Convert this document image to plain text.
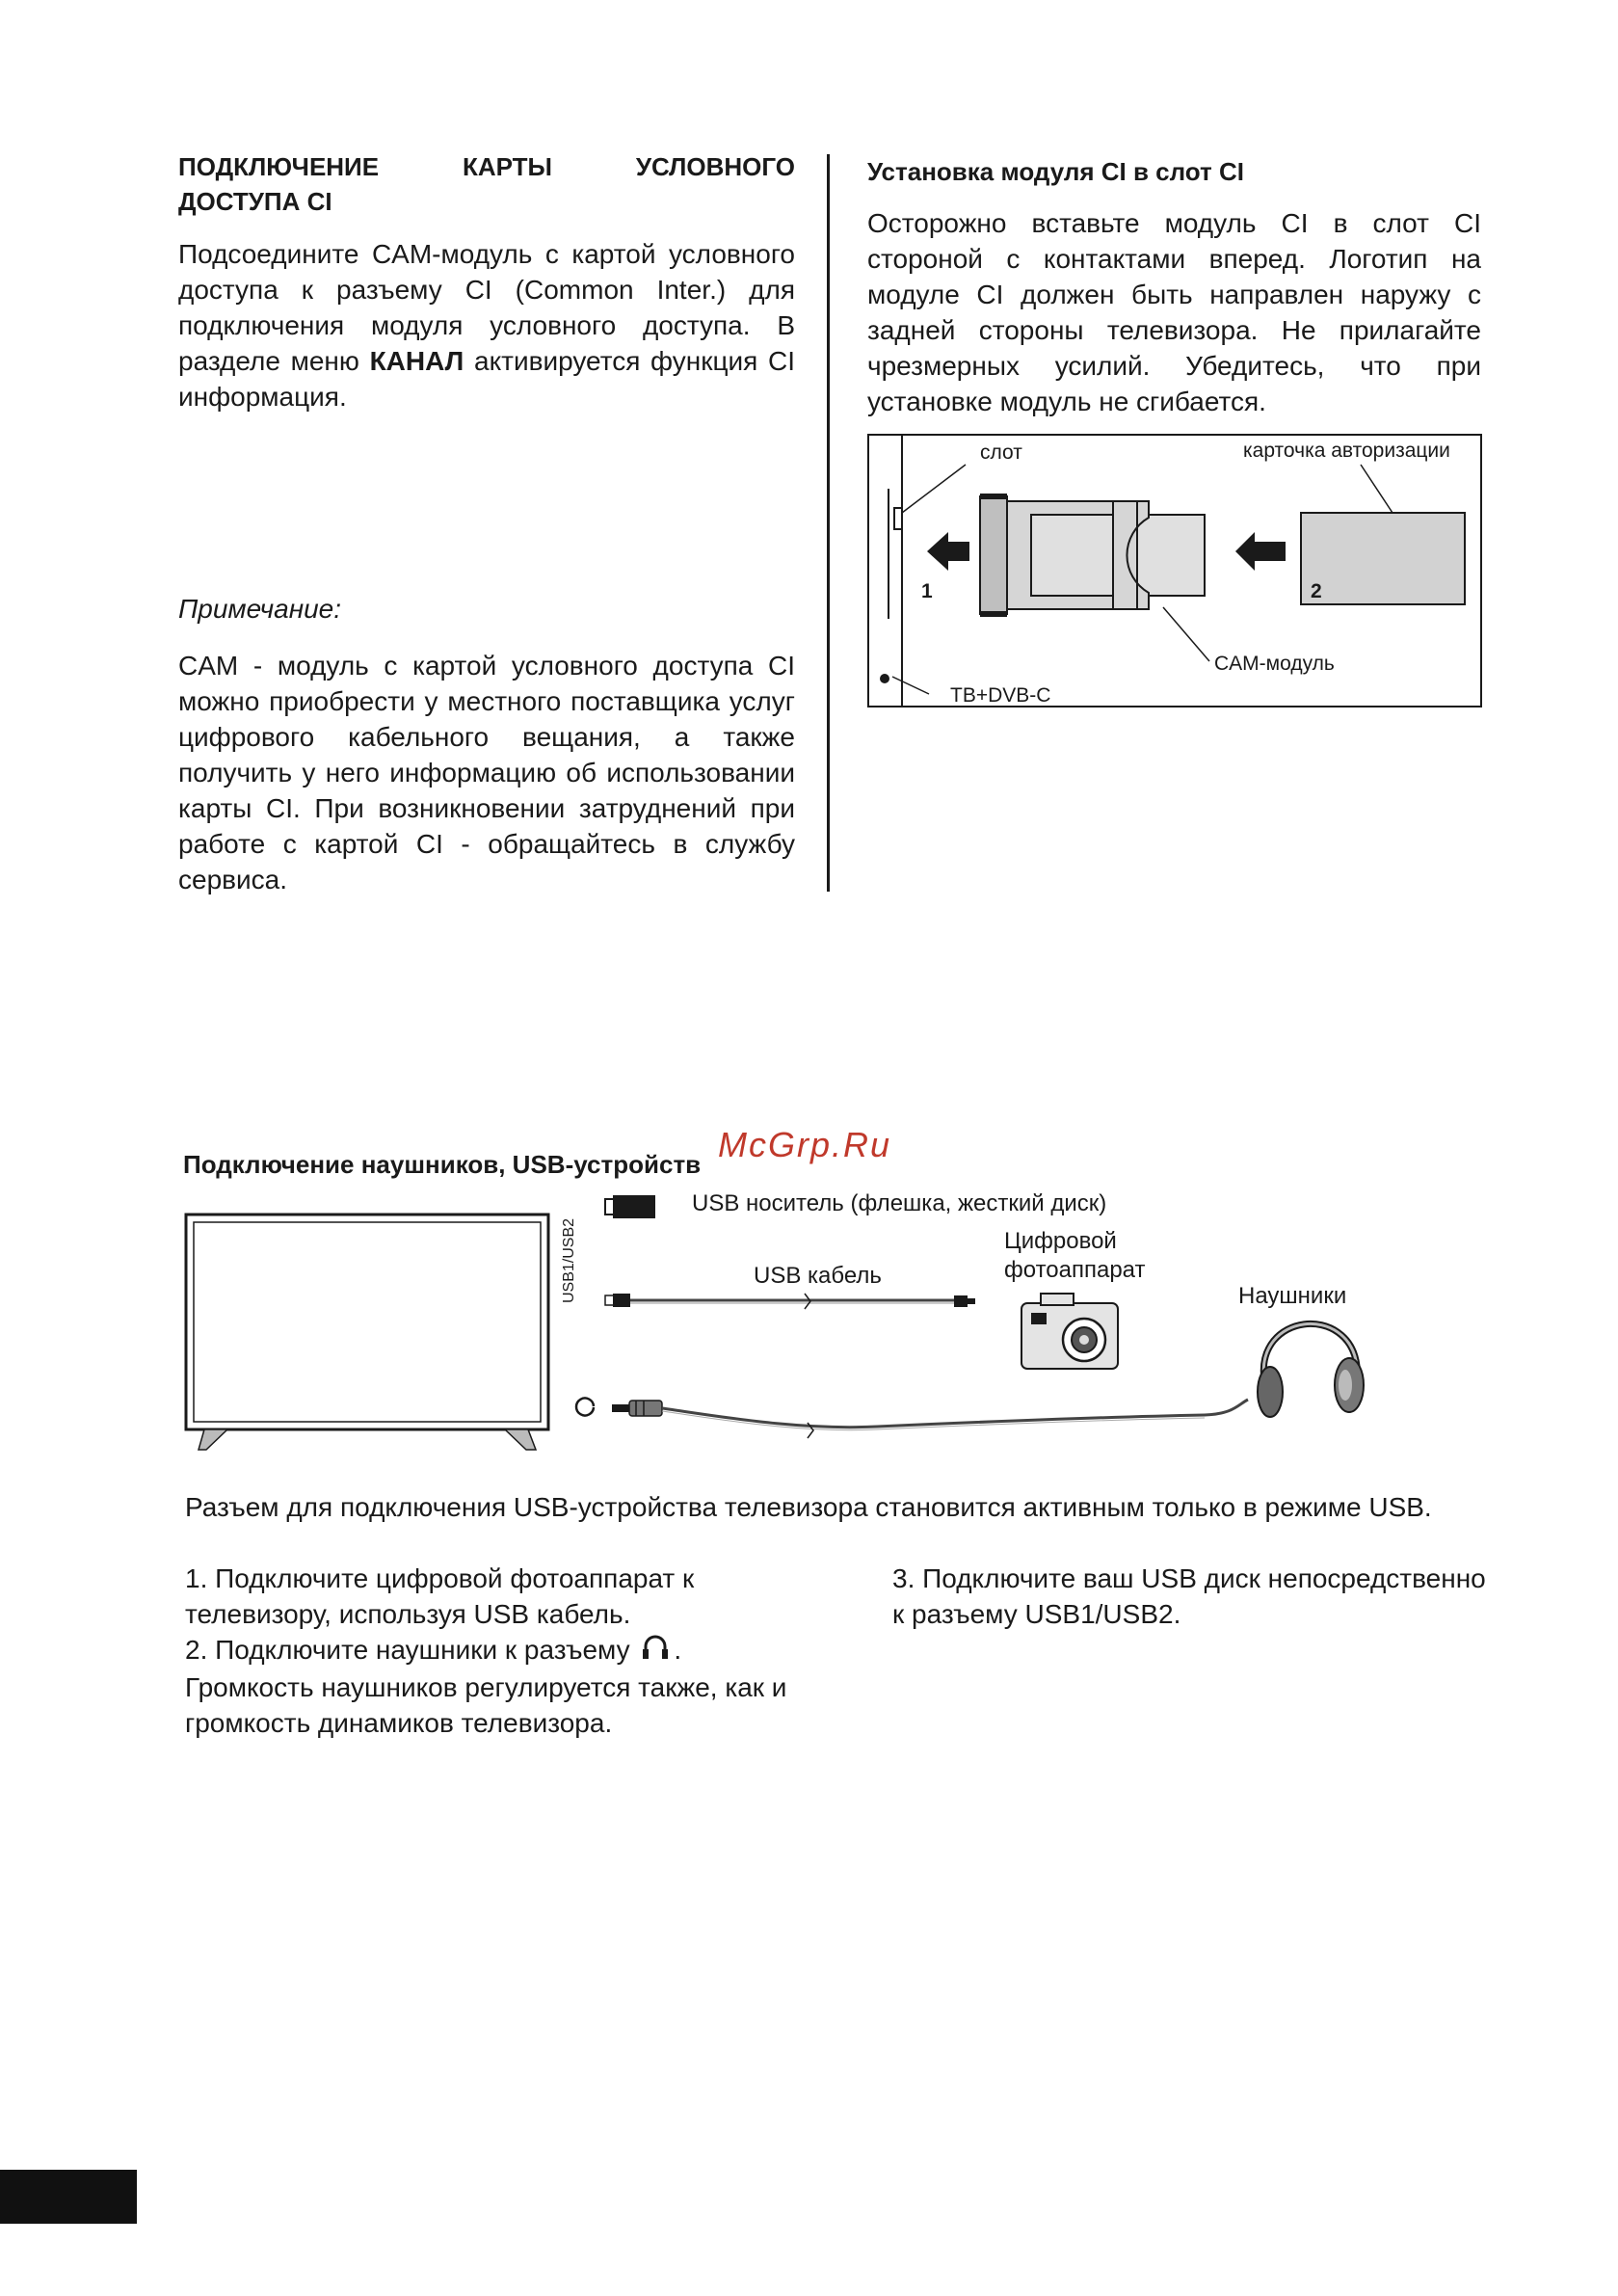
ПОДКЛЮЧЕНИЕ КАРТЫ УСЛОВНОГО
ДОСТУПА CI
Подсоедините CAM-модуль с картой условного доступа к разъему CI (Common Inter.) для подключения модуля условного доступа. В разделе меню КАНАЛ активируется функция CI информация.
Примечание:
CAM - модуль с картой условного доступа CI можно приобрести у местного поставщика услуг цифрового кабельного вещания, а также получить у него информацию об использовании карты CI. При возникновении затруднений при работе с картой CI - обращайтесь в службу сервиса.
Установка модуля CI в слот CI
Осторожно вставьте модуль CI в слот CI стороной с контактами вперед. Логотип на модуле CI должен быть направлен наружу с задней стороны телевизора. Не прилагайте чрезмерных усилий. Убедитесь, что при установке модуль не сгибается.
слот	карточка авторизации
1	2
CAM-модуль
ТВ+DVB-C
Подключение наушников, USB-устройств McGrp.Ru
USB1/USB2
USB носитель (флешка, жесткий диск)
USB кабель
Цифровой
фотоаппарат
Наушники
Разъем для подключения USB-устройства телевизора становится активным только в режиме USB.
1. Подключите цифровой фотоаппарат к телевизору, используя USB кабель.
2. Подключите наушники к разъему .
Громкость наушников регулируется также, как и громкость динамиков телевизора.
3. Подключите ваш USB диск непосредственно к разъему USB1/USB2.
